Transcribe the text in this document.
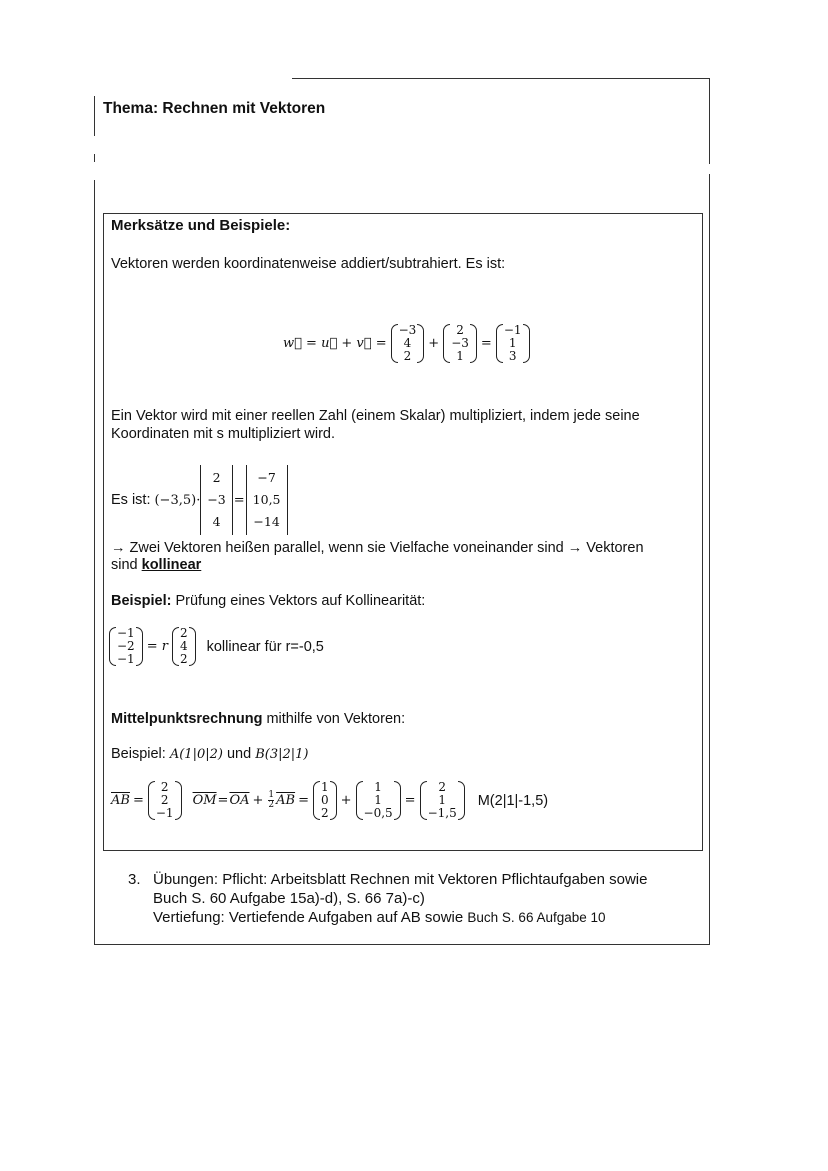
Thema: Rechnen mit Vektoren
Merksätze und Beispiele:
Vektoren werden koordinatenweise addiert/subtrahiert. Es ist:
w⃗ = u⃗ + v⃗ =
−3
4
2
+
2
−3
1
=
−1
1
3
Ein Vektor wird mit einer reellen Zahl (einem Skalar) multipliziert, indem jede seine
Koordinaten mit s multipliziert wird.
Es ist: (−3,5)·
2
−3
4
=
−7
10,5
−14
→ Zwei Vektoren heißen parallel, wenn sie Vielfache voneinander sind → Vektoren
sind kollinear
Beispiel: Prüfung eines Vektors auf Kollinearität:
−1
−2
−1
= r
2
4
2
kollinear für r=-0,5
Mittelpunktsrechnung mithilfe von Vektoren:
Beispiel: A(1|0|2) und B(3|2|1)
$\overline{AB}$ =
2
2
−1
$\overline{OM} = \overline{OA} + \frac{1}{2} \overline{AB}$ =
1
0
2
+
1
1
−0,5
=
2
1
−1,5
M(2|1|-1,5)
3. Übungen: Pflicht: Arbeitsblatt Rechnen mit Vektoren Pflichtaufgaben sowie
Buch S. 60 Aufgabe 15a)-d), S. 66 7a)-c)
Vertiefung: Vertiefende Aufgaben auf AB sowie Buch S. 66 Aufgabe 10
